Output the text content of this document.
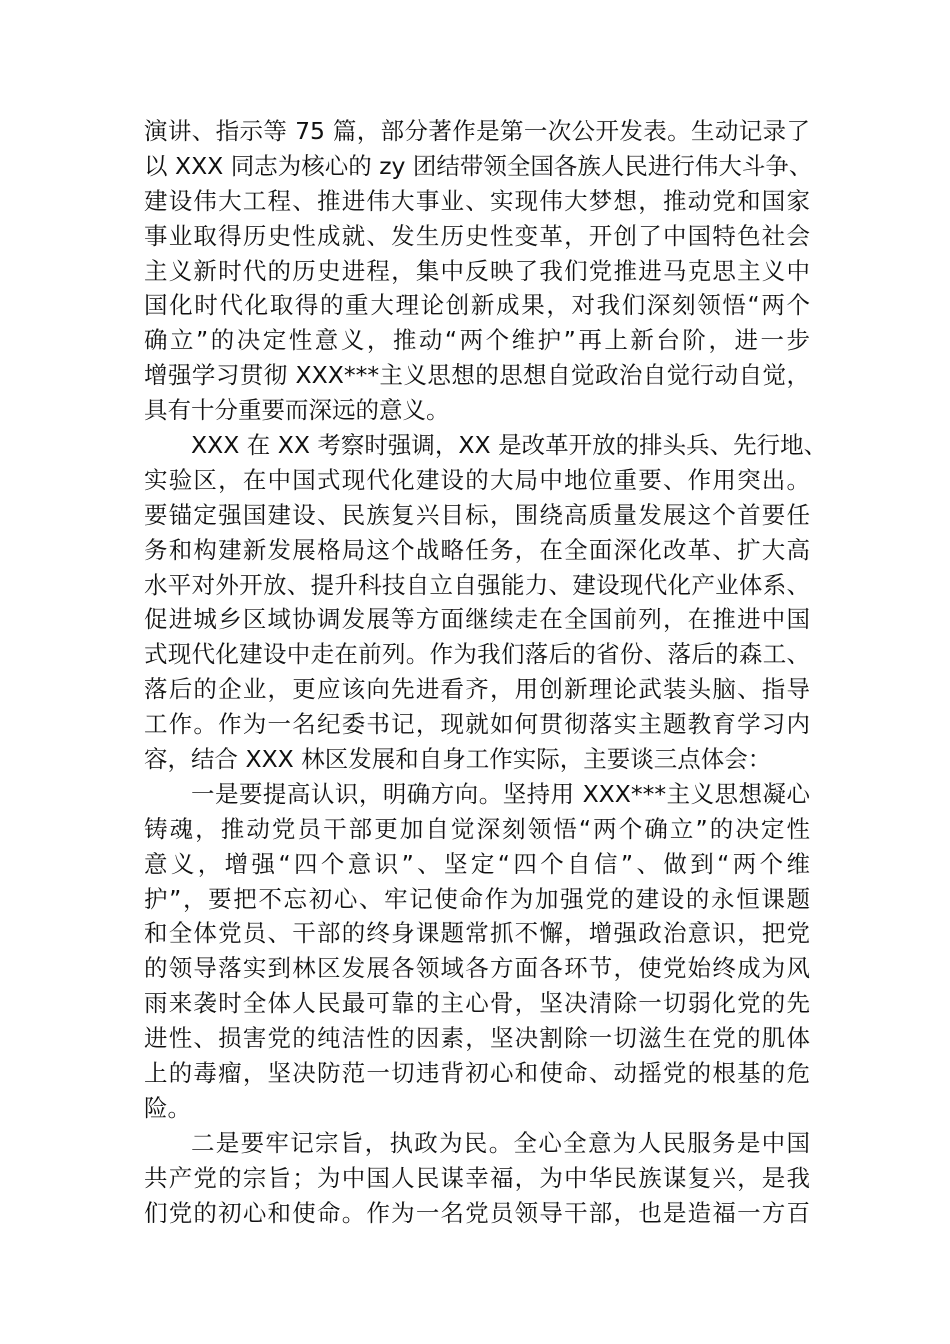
演讲、指示等 75 篇，部分著作是第一次公开发表。生动记录了
以 XXX 同志为核心的 zy 团结带领全国各族人民进行伟大斗争、
建设伟大工程、推进伟大事业、实现伟大梦想，推动党和国家
事业取得历史性成就、发生历史性变革，开创了中国特色社会
主义新时代的历史进程，集中反映了我们党推进马克思主义中
国化时代化取得的重大理论创新成果，对我们深刻领悟“两个
确立”的决定性意义，推动“两个维护”再上新台阶，进一步
增强学习贯彻 XXX***主义思想的思想自觉政治自觉行动自觉，
具有十分重要而深远的意义。
XXX 在 XX 考察时强调，XX 是改革开放的排头兵、先行地、
实验区，在中国式现代化建设的大局中地位重要、作用突出。
要锚定强国建设、民族复兴目标，围绕高质量发展这个首要任
务和构建新发展格局这个战略任务，在全面深化改革、扩大高
水平对外开放、提升科技自立自强能力、建设现代化产业体系、
促进城乡区域协调发展等方面继续走在全国前列，在推进中国
式现代化建设中走在前列。作为我们落后的省份、落后的森工、
落后的企业，更应该向先进看齐，用创新理论武装头脑、指导
工作。作为一名纪委书记，现就如何贯彻落实主题教育学习内
容，结合 XXX 林区发展和自身工作实际，主要谈三点体会：
一是要提高认识，明确方向。坚持用 XXX***主义思想凝心
铸魂，推动党员干部更加自觉深刻领悟“两个确立”的决定性
意义，增强“四个意识”、坚定“四个自信”、做到“两个维
护”，要把不忘初心、牢记使命作为加强党的建设的永恒课题
和全体党员、干部的终身课题常抓不懈，增强政治意识，把党
的领导落实到林区发展各领域各方面各环节，使党始终成为风
雨来袭时全体人民最可靠的主心骨，坚决清除一切弱化党的先
进性、损害党的纯洁性的因素，坚决割除一切滋生在党的肌体
上的毒瘤，坚决防范一切违背初心和使命、动摇党的根基的危
险。
二是要牢记宗旨，执政为民。全心全意为人民服务是中国
共产党的宗旨；为中国人民谋幸福，为中华民族谋复兴，是我
们党的初心和使命。作为一名党员领导干部，也是造福一方百
